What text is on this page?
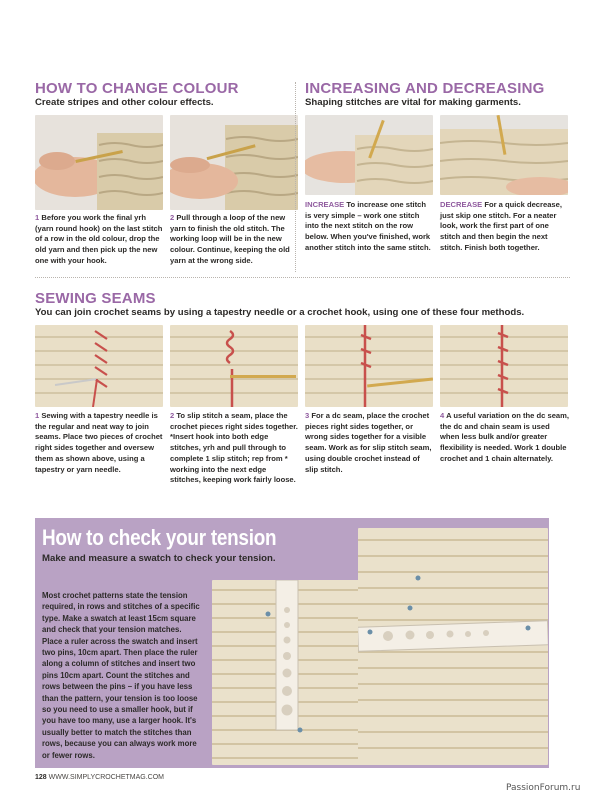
HOW TO CHANGE COLOUR

Create stripes and other colour effects.

1 Before you work the final yrh (yarn round hook) on the last stitch of a row in the old colour, drop the old yarn and then pick up the new one with your hook.
2 Pull through a loop of the new yarn to finish the old stitch. The working loop will be in the new colour. Continue, keeping the old yarn at the wrong side.
INCREASING AND DECREASING

Shaping stitches are vital for making garments.

INCREASE To increase one stitch is very simple – work one stitch into the next stitch on the row below. When you've finished, work another stitch into the same stitch.
DECREASE For a quick decrease, just skip one stitch. For a neater look, work the first part of one stitch and then begin the next stitch. Finish both together.
SEWING SEAMS

You can join crochet seams by using a tapestry needle or a crochet hook, using one of these four methods.

1 Sewing with a tapestry needle is the regular and neat way to join seams. Place two pieces of crochet right sides together and oversew them as shown above, using a tapestry or yarn needle.
2 To slip stitch a seam, place the crochet pieces right sides together. *Insert hook into both edge stitches, yrh and pull through to complete 1 slip stitch; rep from * working into the next edge stitches, keeping work fairly loose.
3 For a dc seam, place the crochet pieces right sides together, or wrong sides together for a visible seam. Work as for slip stitch seam, using double crochet instead of slip stitch.
4 A useful variation on the dc seam, the dc and chain seam is used when less bulk and/or greater flexibility is needed. Work 1 double crochet and 1 chain alternately.
How to check your tension
Make and measure a swatch to check your tension.
Most crochet patterns state the tension required, in rows and stitches of a specific type. Make a swatch at least 15cm square and check that your tension matches. Place a ruler across the swatch and insert two pins, 10cm apart. Then place the ruler along a column of stitches and insert two pins 10cm apart. Count the stitches and rows between the pins – if you have less than the pattern, your tension is too loose so you need to use a smaller hook, but if you have too many, use a larger hook. It's usually better to match the stitches than rows, because you can always work more or fewer rows.
128 WWW.SIMPLYCROCHETMAG.COM
PassionForum.ru
